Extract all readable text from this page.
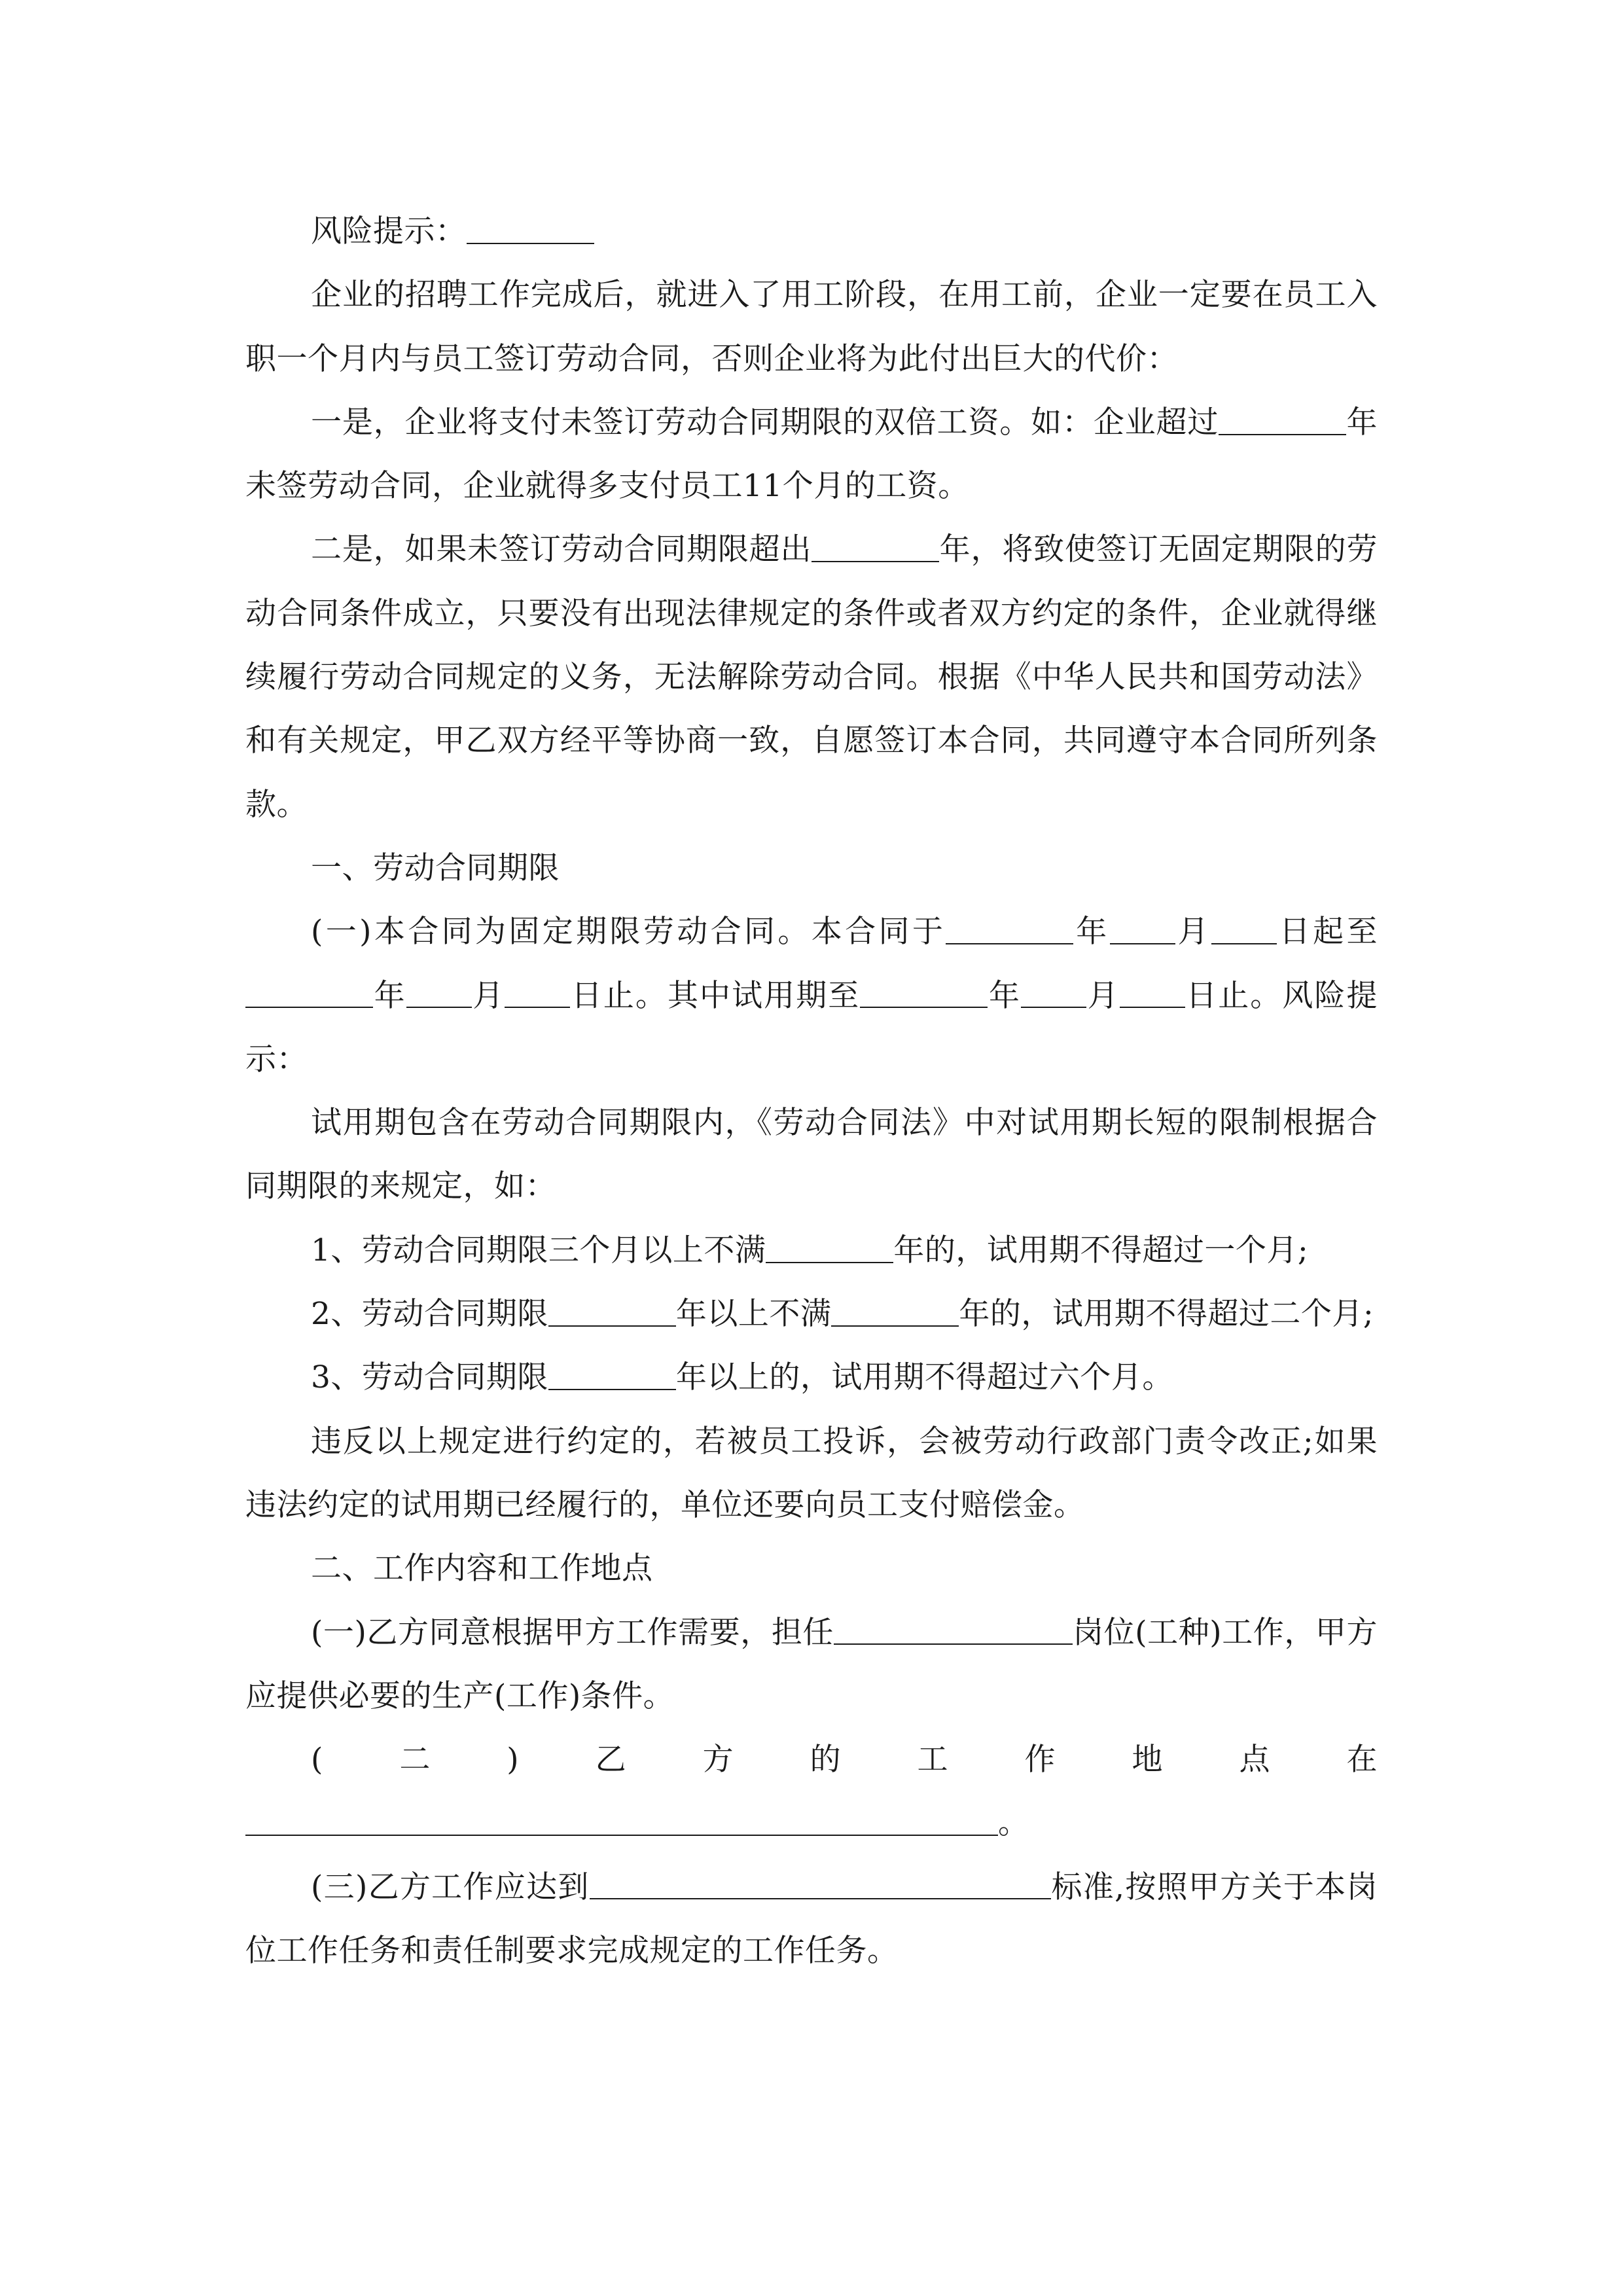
风险提示：

企业的招聘工作完成后，就进入了用工阶段，在用工前，企业一定要在员工入职一个月内与员工签订劳动合同，否则企业将为此付出巨大的代价：

一是，企业将支付未签订劳动合同期限的双倍工资。如：企业超过	年未签劳动合同，企业就得多支付员工11个月的工资。

二是，如果未签订劳动合同期限超出	年，将致使签订无固定期限的劳动合同条件成立，只要没有出现法律规定的条件或者双方约定的条件，企业就得继续履行劳动合同规定的义务，无法解除劳动合同。根据《中华人民共和国劳动法》和有关规定，甲乙双方经平等协商一致，自愿签订本合同，共同遵守本合同所列条款。

一、劳动合同期限

(一)本合同为固定期限劳动合同。本合同于	年 月 日起至年 月 日止。其中试用期至	年 月 日止。风险提示：

试用期包含在劳动合同期限内，《劳动合同法》中对试用期长短的限制根据合同期限的来规定，如：

1、劳动合同期限三个月以上不满	年的，试用期不得超过一个月;

2、劳动合同期限	年以上不满	年的，试用期不得超过二个月;

3、劳动合同期限	年以上的，试用期不得超过六个月。

违反以上规定进行约定的，若被员工投诉，会被劳动行政部门责令改正;如果违法约定的试用期已经履行的，单位还要向员工支付赔偿金。

二、工作内容和工作地点

(一)乙方同意根据甲方工作需要，担任	岗位(工种)工作，甲方应提供必要的生产(工作)条件。

(二)乙方的工作地点在

。

(三)乙方工作应达到	标准,按照甲方关于本岗位工作任务和责任制要求完成规定的工作任务。
